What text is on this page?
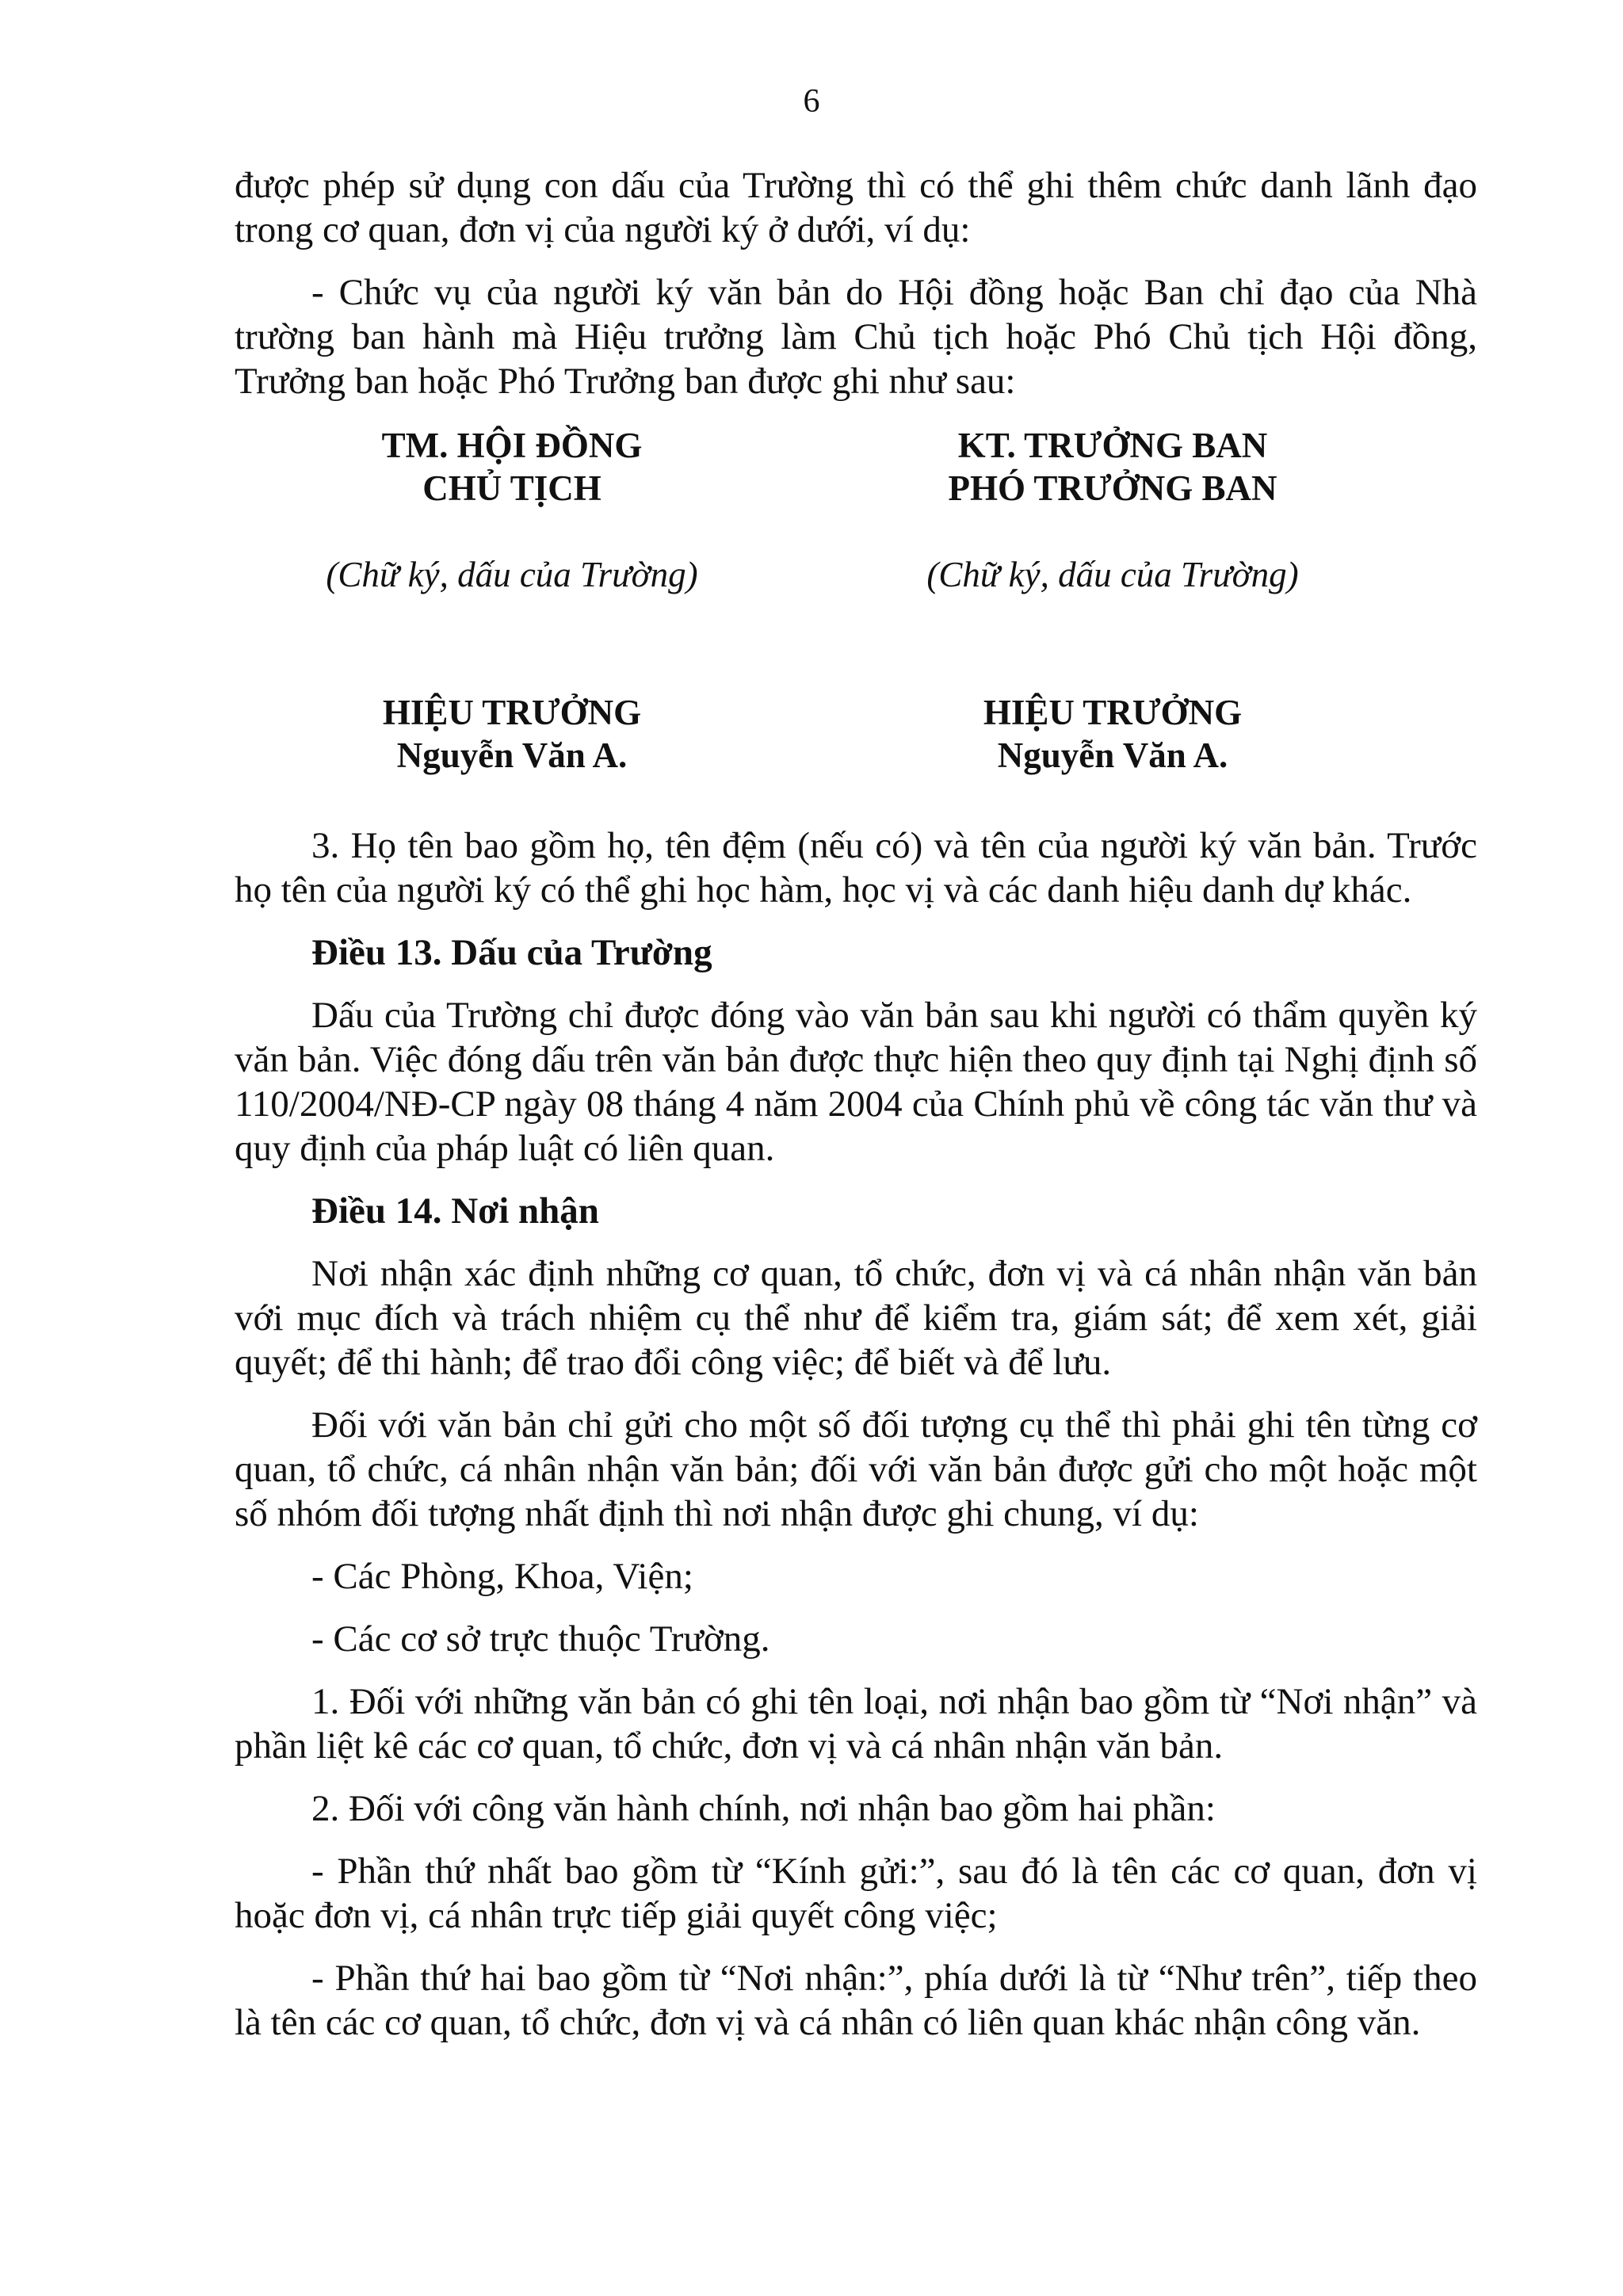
6

được phép sử dụng con dấu của Trường thì có thể ghi thêm chức danh lãnh đạo trong cơ quan, đơn vị của người ký ở dưới, ví dụ:

- Chức vụ của người ký văn bản do Hội đồng hoặc Ban chỉ đạo của Nhà trường ban hành mà Hiệu trưởng làm Chủ tịch hoặc Phó Chủ tịch Hội đồng, Trưởng ban hoặc Phó Trưởng ban được ghi như sau:

TM. HỘI ĐỒNG
CHỦ TỊCH
(Chữ ký, dấu của Trường)
HIỆU TRƯỞNG
Nguyễn Văn A.
KT. TRƯỞNG BAN
PHÓ TRƯỞNG BAN
(Chữ ký, dấu của Trường)
HIỆU TRƯỞNG
Nguyễn Văn A.

3. Họ tên bao gồm họ, tên đệm (nếu có) và tên của người ký văn bản. Trước họ tên của người ký có thể ghi học hàm, học vị và các danh hiệu danh dự khác.

Điều 13. Dấu của Trường

Dấu của Trường chỉ được đóng vào văn bản sau khi người có thẩm quyền ký văn bản. Việc đóng dấu trên văn bản được thực hiện theo quy định tại Nghị định số 110/2004/NĐ-CP ngày 08 tháng 4 năm 2004 của Chính phủ về công tác văn thư và quy định của pháp luật có liên quan.

Điều 14. Nơi nhận

Nơi nhận xác định những cơ quan, tổ chức, đơn vị và cá nhân nhận văn bản với mục đích và trách nhiệm cụ thể như để kiểm tra, giám sát; để xem xét, giải quyết; để thi hành; để trao đổi công việc; để biết và để lưu.

Đối với văn bản chỉ gửi cho một số đối tượng cụ thể thì phải ghi tên từng cơ quan, tổ chức, cá nhân nhận văn bản; đối với văn bản được gửi cho một hoặc một số nhóm đối tượng nhất định thì nơi nhận được ghi chung, ví dụ:

- Các Phòng, Khoa, Viện;

- Các cơ sở trực thuộc Trường.

1. Đối với những văn bản có ghi tên loại, nơi nhận bao gồm từ “Nơi nhận” và phần liệt kê các cơ quan, tổ chức, đơn vị và cá nhân nhận văn bản.

2. Đối với công văn hành chính, nơi nhận bao gồm hai phần:

- Phần thứ nhất bao gồm từ “Kính gửi:”, sau đó là tên các cơ quan, đơn vị hoặc đơn vị, cá nhân trực tiếp giải quyết công việc;

- Phần thứ hai bao gồm từ “Nơi nhận:”, phía dưới là từ “Như trên”, tiếp theo là tên các cơ quan, tổ chức, đơn vị và cá nhân có liên quan khác nhận công văn.
